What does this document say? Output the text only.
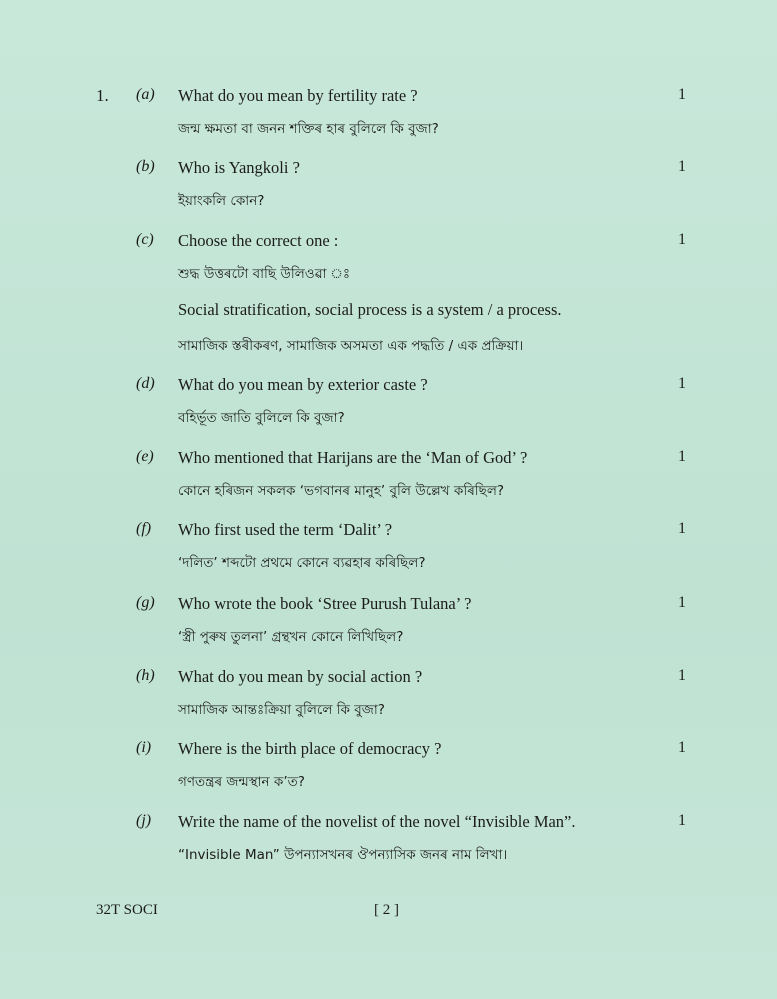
1. (a) What do you mean by fertility rate ?
জন্ম ক্ষমতা বা জনন শক্তিৰ হাৰ বুলিলে কি বুজা?
1
(b) Who is Yangkoli ?
ইয়াংকলি কোন?
1
(c) Choose the correct one :
শুদ্ধ উত্তৰটো বাছি উলিওৱা ঃ
1
Social stratification, social process is a system / a process.
সামাজিক স্তৰীকৰণ, সামাজিক অসমতা এক পদ্ধতি / এক প্ৰক্ৰিয়া।
(d) What do you mean by exterior caste ?
বহিৰ্ভূত জাতি বুলিলে কি বুজা?
1
(e) Who mentioned that Harijans are the ‘Man of God’ ?
কোনে হৰিজন সকলক ‘ভগবানৰ মানুহ’ বুলি উল্লেখ কৰিছিল?
1
(f) Who first used the term ‘Dalit’ ?
‘দলিত’ শব্দটো প্ৰথমে কোনে ব্যৱহাৰ কৰিছিল?
1
(g) Who wrote the book ‘Stree Purush Tulana’ ?
‘স্ত্ৰী পুৰুষ তুলনা’ গ্ৰন্থখন কোনে লিখিছিল?
1
(h) What do you mean by social action ?
সামাজিক আন্তঃক্ৰিয়া বুলিলে কি বুজা?
1
(i) Where is the birth place of democracy ?
গণতন্ত্ৰৰ জন্মস্থান ক’ত?
1
(j) Write the name of the novelist of the novel “Invisible Man”.
“Invisible Man” উপন্যাসখনৰ ঔপন্যাসিক জনৰ নাম লিখা।
1
32T SOCI	[ 2 ]
